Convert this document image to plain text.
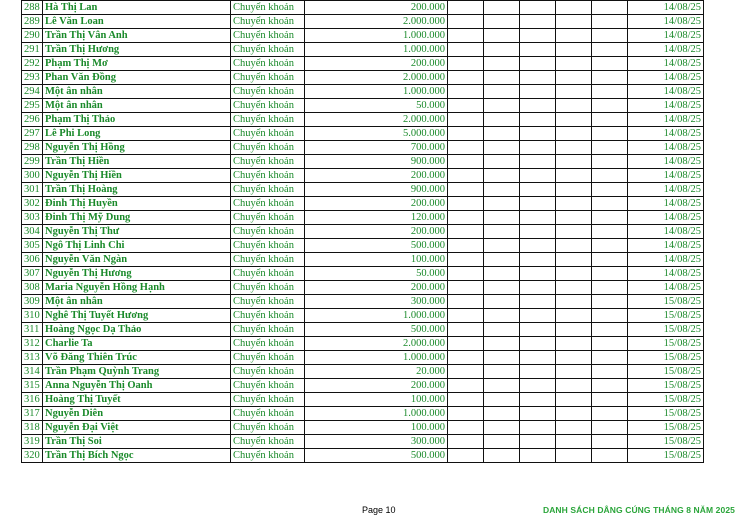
288	Hà Thị Lan	Chuyển khoản	200.000						14/08/25
289	Lê Văn Loan	Chuyển khoản	2.000.000						14/08/25
290	Trần Thị Vân Anh	Chuyển khoản	1.000.000						14/08/25
291	Trần Thị Hương	Chuyển khoản	1.000.000						14/08/25
292	Phạm Thị Mơ	Chuyển khoản	200.000						14/08/25
293	Phan Văn Đồng	Chuyển khoản	2.000.000						14/08/25
294	Một ân nhân	Chuyển khoản	1.000.000						14/08/25
295	Một ân nhân	Chuyển khoản	50.000						14/08/25
296	Phạm Thị Thảo	Chuyển khoản	2.000.000						14/08/25
297	Lê Phi Long	Chuyển khoản	5.000.000						14/08/25
298	Nguyễn Thị Hồng	Chuyển khoản	700.000						14/08/25
299	Trần Thị Hiền	Chuyển khoản	900.000						14/08/25
300	Nguyễn Thị Hiền	Chuyển khoản	200.000						14/08/25
301	Trần Thị Hoàng	Chuyển khoản	900.000						14/08/25
302	Đinh Thị Huyền	Chuyển khoản	200.000						14/08/25
303	Đinh Thị Mỹ Dung	Chuyển khoản	120.000						14/08/25
304	Nguyễn Thị Thư	Chuyển khoản	200.000						14/08/25
305	Ngô Thị Linh Chi	Chuyển khoản	500.000						14/08/25
306	Nguyễn Văn Ngàn	Chuyển khoản	100.000						14/08/25
307	Nguyễn Thị Hương	Chuyển khoản	50.000						14/08/25
308	Maria Nguyễn Hồng Hạnh	Chuyển khoản	200.000						14/08/25
309	Một ân nhân	Chuyển khoản	300.000						15/08/25
310	Nghê Thị Tuyết Hương	Chuyển khoản	1.000.000						15/08/25
311	Hoàng Ngọc Dạ Thảo	Chuyển khoản	500.000						15/08/25
312	Charlie Ta	Chuyển khoản	2.000.000						15/08/25
313	Võ Đăng Thiên Trúc	Chuyển khoản	1.000.000						15/08/25
314	Trần Phạm Quỳnh Trang	Chuyển khoản	20.000						15/08/25
315	Anna Nguyễn Thị Oanh	Chuyển khoản	200.000						15/08/25
316	Hoàng Thị Tuyết	Chuyển khoản	100.000						15/08/25
317	Nguyễn Diên	Chuyển khoản	1.000.000						15/08/25
318	Nguyễn Đại Việt	Chuyển khoản	100.000						15/08/25
319	Trần Thị Soi	Chuyển khoản	300.000						15/08/25
320	Trần Thị Bích Ngọc	Chuyển khoản	500.000						15/08/25
Page 10	DANH SÁCH DÂNG CÚNG THÁNG 8 NĂM 2025
